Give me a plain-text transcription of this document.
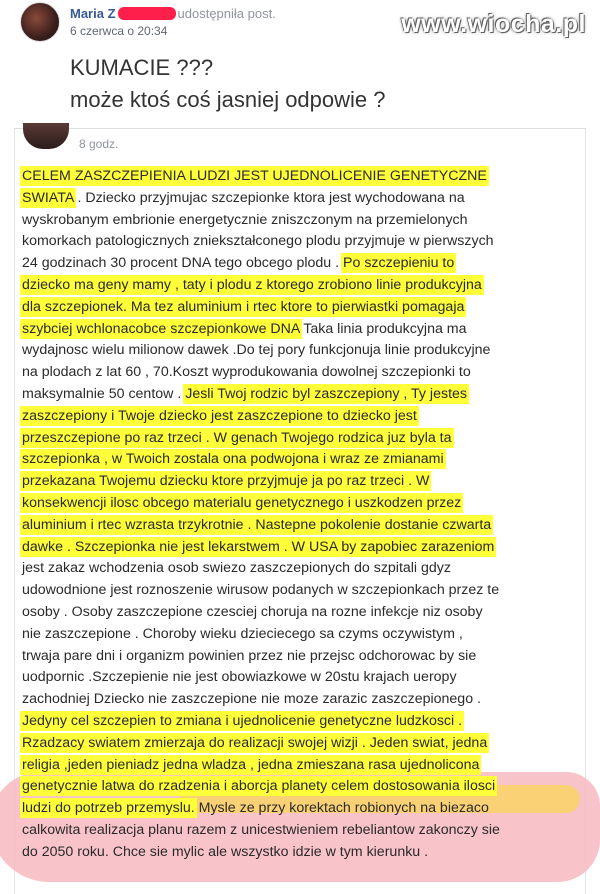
Maria Z	udostępniła post.
6 czerwca o 20:34	www.wiocha.pl
KUMACIE ???
może ktoś coś jasniej odpowie ?
8 godz.
CELEM ZASZCZEPIENIA LUDZI JEST UJEDNOLICENIE GENETYCZNE
SWIATA . Dziecko przyjmujac szczepionke ktora jest wychodowana na
wyskrobanym embrionie energetycznie zniszczonym na przemielonych
komorkach patologicznych zniekształconego plodu przyjmuje w pierwszych
24 godzinach 30 procent DNA tego obcego plodu . Po szczepieniu to
dziecko ma geny mamy , taty i plodu z ktorego zrobiono linie produkcyjna
dla szczepionek. Ma tez aluminium i rtec ktore to pierwiastki pomagaja
szybciej wchlonacobce szczepionkowe DNA Taka linia produkcyjna ma
wydajnosc wielu milionow dawek .Do tej pory funkcjonuja linie produkcyjne
na plodach z lat 60 , 70.Koszt wyprodukowania dowolnej szczepionki to
maksymalnie 50 centow . Jesli Twoj rodzic byl zaszczepiony , Ty jestes
zaszczepiony i Twoje dziecko jest zaszczepione to dziecko jest
przeszczepione po raz trzeci . W genach Twojego rodzica juz byla ta
szczepionka , w Twoich zostala ona podwojona i wraz ze zmianami
przekazana Twojemu dziecku ktore przyjmuje ja po raz trzeci . W
konsekwencji ilosc obcego materialu genetycznego i uszkodzen przez
aluminium i rtec wzrasta trzykrotnie . Nastepne pokolenie dostanie czwarta
dawke . Szczepionka nie jest lekarstwem . W USA by zapobiec zarazeniom
jest zakaz wchodzenia osob swiezo zaszczepionych do szpitali gdyz
udowodnione jest roznoszenie wirusow podanych w szczepionkach przez te
osoby . Osoby zaszczepione czesciej choruja na rozne infekcje niz osoby
nie zaszczepione . Choroby wieku dzieciecego sa czyms oczywistym ,
trwaja pare dni i organizm powinien przez nie przejsc odchorowac by sie
uodpornic .Szczepienie nie jest obowiazkowe w 20stu krajach ueropy
zachodniej Dziecko nie zaszczepione nie moze zarazic zaszczepionego .
Jedyny cel szczepien to zmiana i ujednolicenie genetyczne ludzkosci .
Rzadzacy swiatem zmierzaja do realizacji swojej wizji . Jeden swiat, jedna
religia ,jeden pieniadz jedna wladza , jedna zmieszana rasa ujednolicona
genetycznie latwa do rzadzenia i aborcja planety celem dostosowania ilosci
ludzi do potrzeb przemyslu. Mysle ze przy korektach robionych na biezaco
calkowita realizacja planu razem z unicestwieniem rebeliantow zakonczy sie
do 2050 roku. Chce sie mylic ale wszystko idzie w tym kierunku .
